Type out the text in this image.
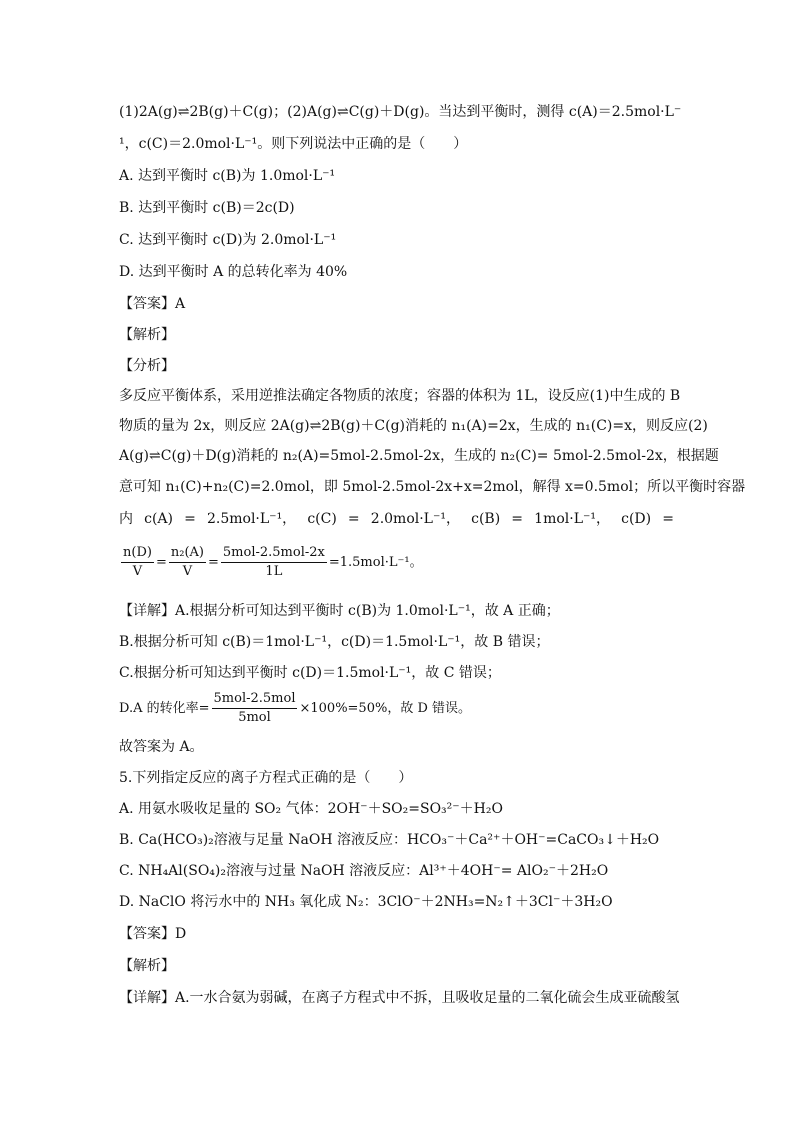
(1)2A(g)⇌2B(g)＋C(g)；(2)A(g)⇌C(g)＋D(g)。当达到平衡时，测得 c(A)＝2.5mol·L⁻
¹，c(C)＝2.0mol·L⁻¹。则下列说法中正确的是（　　）
A. 达到平衡时 c(B)为 1.0mol·L⁻¹
B. 达到平衡时 c(B)＝2c(D)
C. 达到平衡时 c(D)为 2.0mol·L⁻¹
D. 达到平衡时 A 的总转化率为 40%
【答案】A
【解析】
【分析】
多反应平衡体系，采用逆推法确定各物质的浓度；容器的体积为 1L，设反应(1)中生成的 B
物质的量为 2x，则反应 2A(g)⇌2B(g)＋C(g)消耗的 n₁(A)=2x，生成的 n₁(C)=x，则反应(2)
A(g)⇌C(g)＋D(g)消耗的 n₂(A)=5mol-2.5mol-2x，生成的 n₂(C)= 5mol-2.5mol-2x，根据题
意可知 n₁(C)+n₂(C)=2.0mol，即 5mol-2.5mol-2x+x=2mol，解得 x=0.5mol；所以平衡时容器
内 c(A) = 2.5mol·L⁻¹， c(C) = 2.0mol·L⁻¹， c(B) = 1mol·L⁻¹， c(D) =
$\frac{n(D)}{V} = \frac{\text{n₂(A)}}{V} = \frac{\text{5mol-2.5mol-2x}}{1L} =1.5mol\cdot L^{-1}$。
【详解】A.根据分析可知达到平衡时 c(B)为 1.0mol·L⁻¹，故 A 正确；
B.根据分析可知 c(B)＝1mol·L⁻¹，c(D)＝1.5mol·L⁻¹，故 B 错误；
C.根据分析可知达到平衡时 c(D)＝1.5mol·L⁻¹，故 C 错误；
D.A 的转化率= $\frac{\text{5mol-2.5mol}}{\text{5mol}} \times 100\%=50\%$，故 D 错误。
故答案为 A。
5.下列指定反应的离子方程式正确的是（　　）
A. 用氨水吸收足量的 SO₂ 气体：2OH⁻＋SO₂=SO₃²⁻＋H₂O
B. Ca(HCO₃)₂溶液与足量 NaOH 溶液反应：HCO₃⁻＋Ca²⁺＋OH⁻=CaCO₃↓＋H₂O
C. NH₄Al(SO₄)₂溶液与过量 NaOH 溶液反应：Al³⁺＋4OH⁻= AlO₂⁻＋2H₂O
D. NaClO 将污水中的 NH₃ 氧化成 N₂：3ClO⁻＋2NH₃=N₂↑＋3Cl⁻＋3H₂O
【答案】D
【解析】
【详解】A.一水合氨为弱碱，在离子方程式中不拆，且吸收足量的二氧化硫会生成亚硫酸氢
